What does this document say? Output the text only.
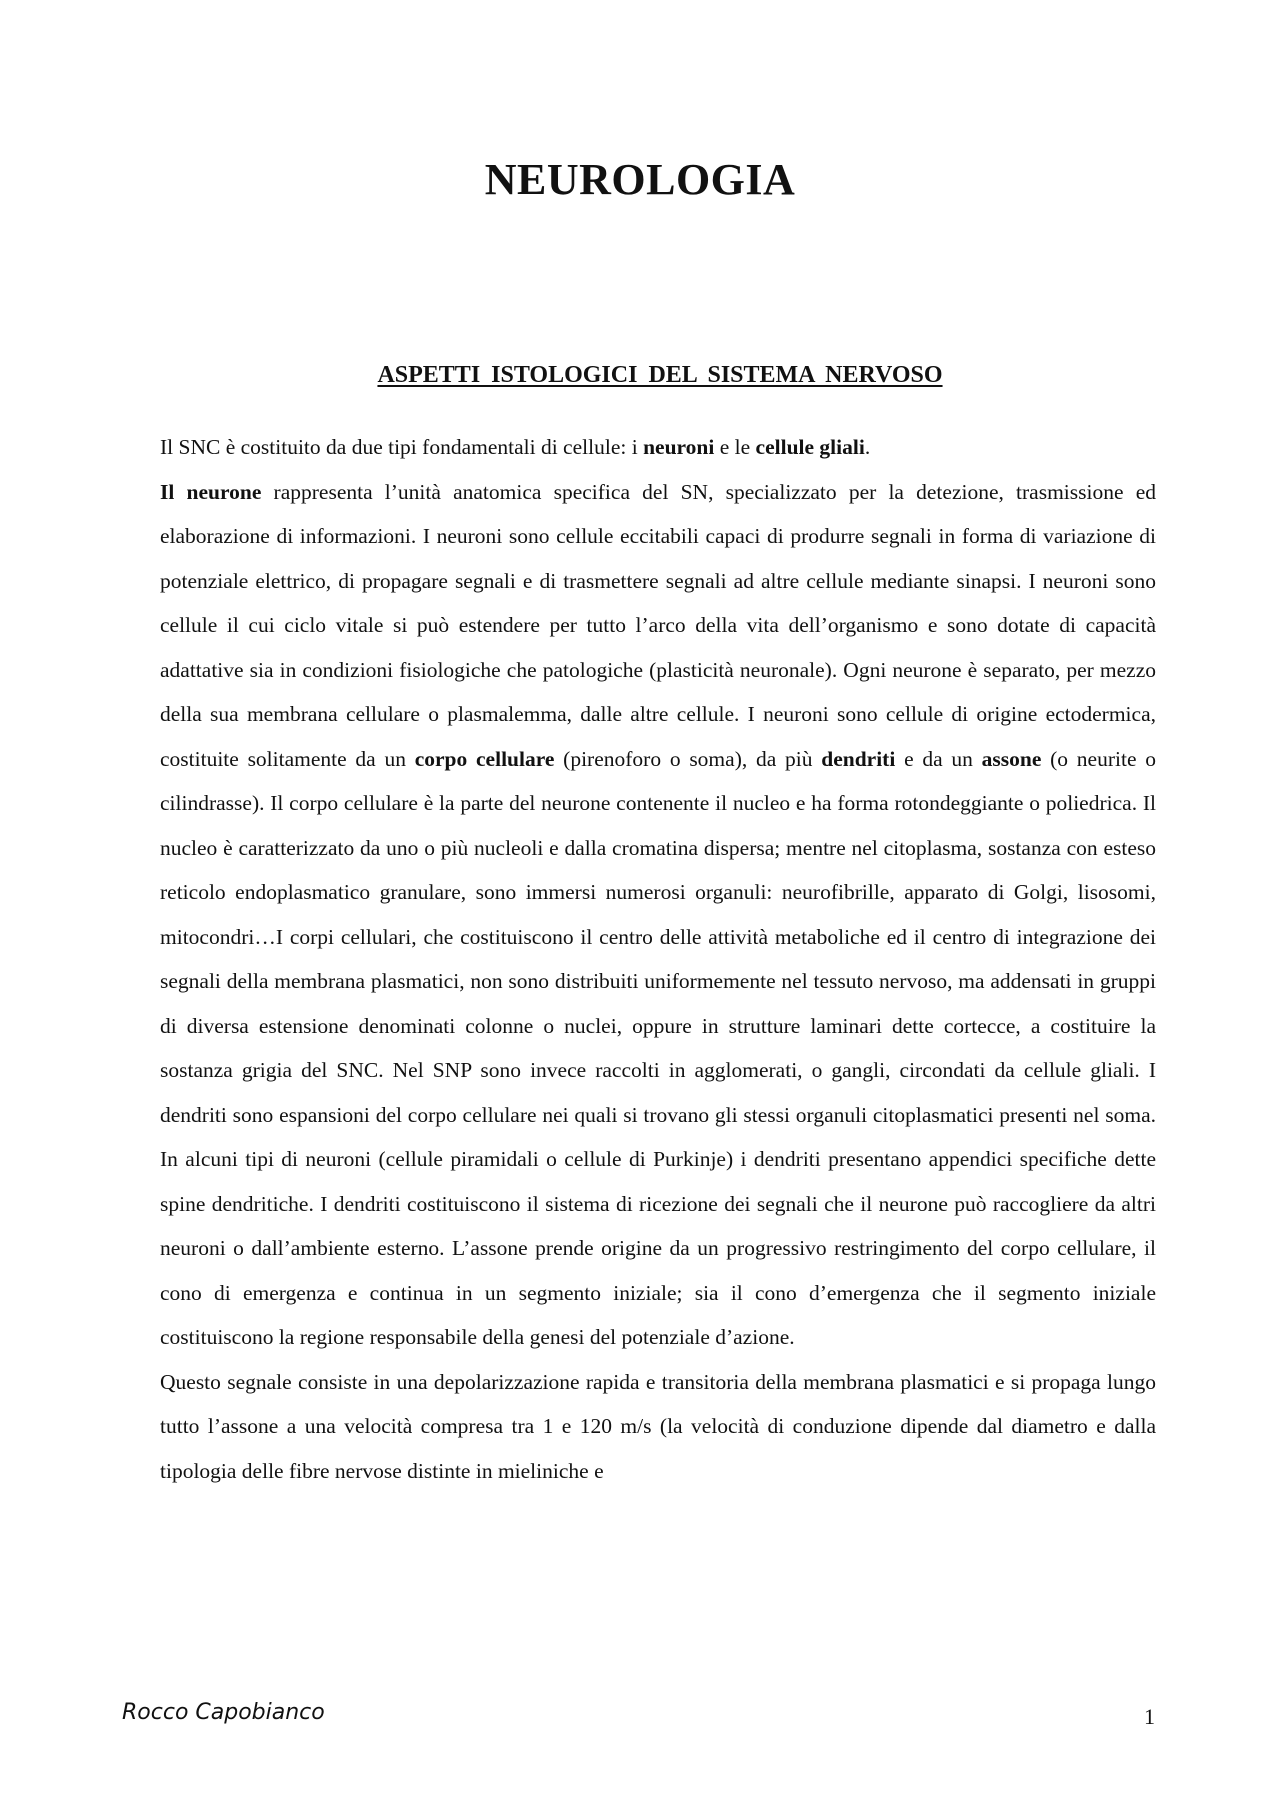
NEUROLOGIA
ASPETTI ISTOLOGICI DEL SISTEMA NERVOSO

Il SNC è costituito da due tipi fondamentali di cellule: i neuroni e le cellule gliali.

Il neurone rappresenta l’unità anatomica specifica del SN, specializzato per la detezione, trasmissione ed elaborazione di informazioni. I neuroni sono cellule eccitabili capaci di produrre segnali in forma di variazione di potenziale elettrico, di propagare segnali e di trasmettere segnali ad altre cellule mediante sinapsi. I neuroni sono cellule il cui ciclo vitale si può estendere per tutto l’arco della vita dell’organismo e sono dotate di capacità adattative sia in condizioni fisiologiche che patologiche (plasticità neuronale). Ogni neurone è separato, per mezzo della sua membrana cellulare o plasmalemma, dalle altre cellule. I neuroni sono cellule di origine ectodermica, costituite solitamente da un corpo cellulare (pirenoforo o soma), da più dendriti e da un assone (o neurite o cilindrasse). Il corpo cellulare è la parte del neurone contenente il nucleo e ha forma rotondeggiante o poliedrica. Il nucleo è caratterizzato da uno o più nucleoli e dalla cromatina dispersa; mentre nel citoplasma, sostanza con esteso reticolo endoplasmatico granulare, sono immersi numerosi organuli: neurofibrille, apparato di Golgi, lisosomi, mitocondri…I corpi cellulari, che costituiscono il centro delle attività metaboliche ed il centro di integrazione dei segnali della membrana plasmatici, non sono distribuiti uniformemente nel tessuto nervoso, ma addensati in gruppi di diversa estensione denominati colonne o nuclei, oppure in strutture laminari dette cortecce, a costituire la sostanza grigia del SNC. Nel SNP sono invece raccolti in agglomerati, o gangli, circondati da cellule gliali. I dendriti sono espansioni del corpo cellulare nei quali si trovano gli stessi organuli citoplasmatici presenti nel soma. In alcuni tipi di neuroni (cellule piramidali o cellule di Purkinje) i dendriti presentano appendici specifiche dette spine dendritiche. I dendriti costituiscono il sistema di ricezione dei segnali che il neurone può raccogliere da altri neuroni o dall’ambiente esterno. L’assone prende origine da un progressivo restringimento del corpo cellulare, il cono di emergenza e continua in un segmento iniziale; sia il cono d’emergenza che il segmento iniziale costituiscono la regione responsabile della genesi del potenziale d’azione.

Questo segnale consiste in una depolarizzazione rapida e transitoria della membrana plasmatici e si propaga lungo tutto l’assone a una velocità compresa tra 1 e 120 m/s (la velocità di conduzione dipende dal diametro e dalla tipologia delle fibre nervose distinte in mieliniche e

Rocco Capobianco	1
